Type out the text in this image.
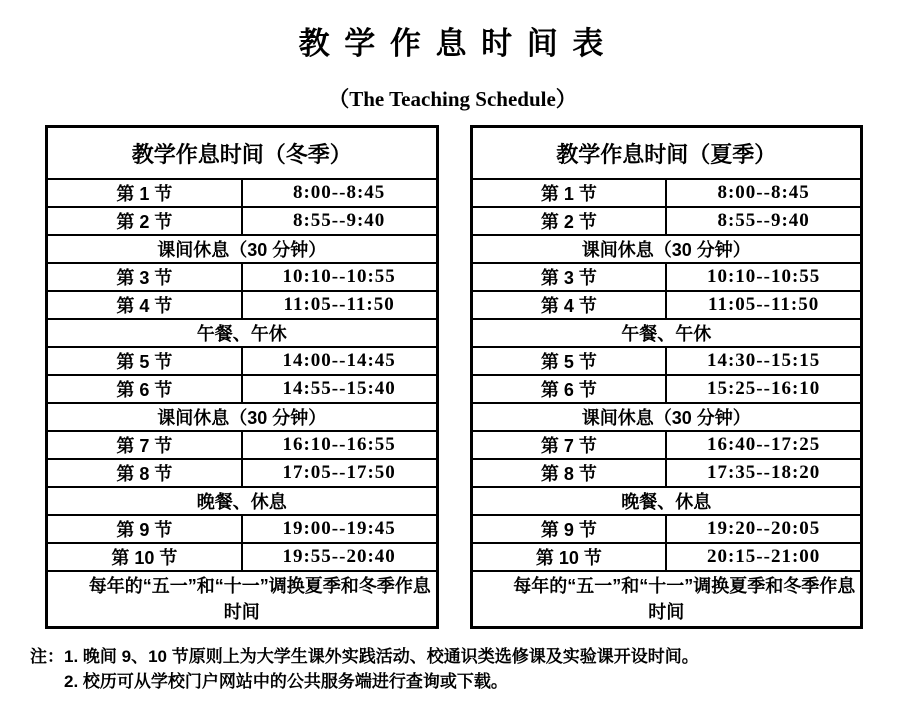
教 学 作 息 时 间 表
（The Teaching Schedule）
教学作息时间（冬季）	
第 1 节	8:00--8:45
第 2 节	8:55--9:40
课间休息（30 分钟）	
第 3 节	10:10--10:55
第 4 节	11:05--11:50
午餐、午休	
第 5 节	14:00--14:45
第 6 节	14:55--15:40
课间休息（30 分钟）	
第 7 节	16:10--16:55
第 8 节	17:05--17:50
晚餐、休息	
第 9 节	19:00--19:45
第 10 节	19:55--20:40
每年的“五一”和“十一”调换夏季和冬季作息时间	
教学作息时间（夏季）	
第 1 节	8:00--8:45
第 2 节	8:55--9:40
课间休息（30 分钟）	
第 3 节	10:10--10:55
第 4 节	11:05--11:50
午餐、午休	
第 5 节	14:30--15:15
第 6 节	15:25--16:10
课间休息（30 分钟）	
第 7 节	16:40--17:25
第 8 节	17:35--18:20
晚餐、休息	
第 9 节	19:20--20:05
第 10 节	20:15--21:00
每年的“五一”和“十一”调换夏季和冬季作息时间	
注： 1. 晚间 9、10 节原则上为大学生课外实践活动、校通识类选修课及实验课开设时间。
2. 校历可从学校门户网站中的公共服务端进行查询或下载。
